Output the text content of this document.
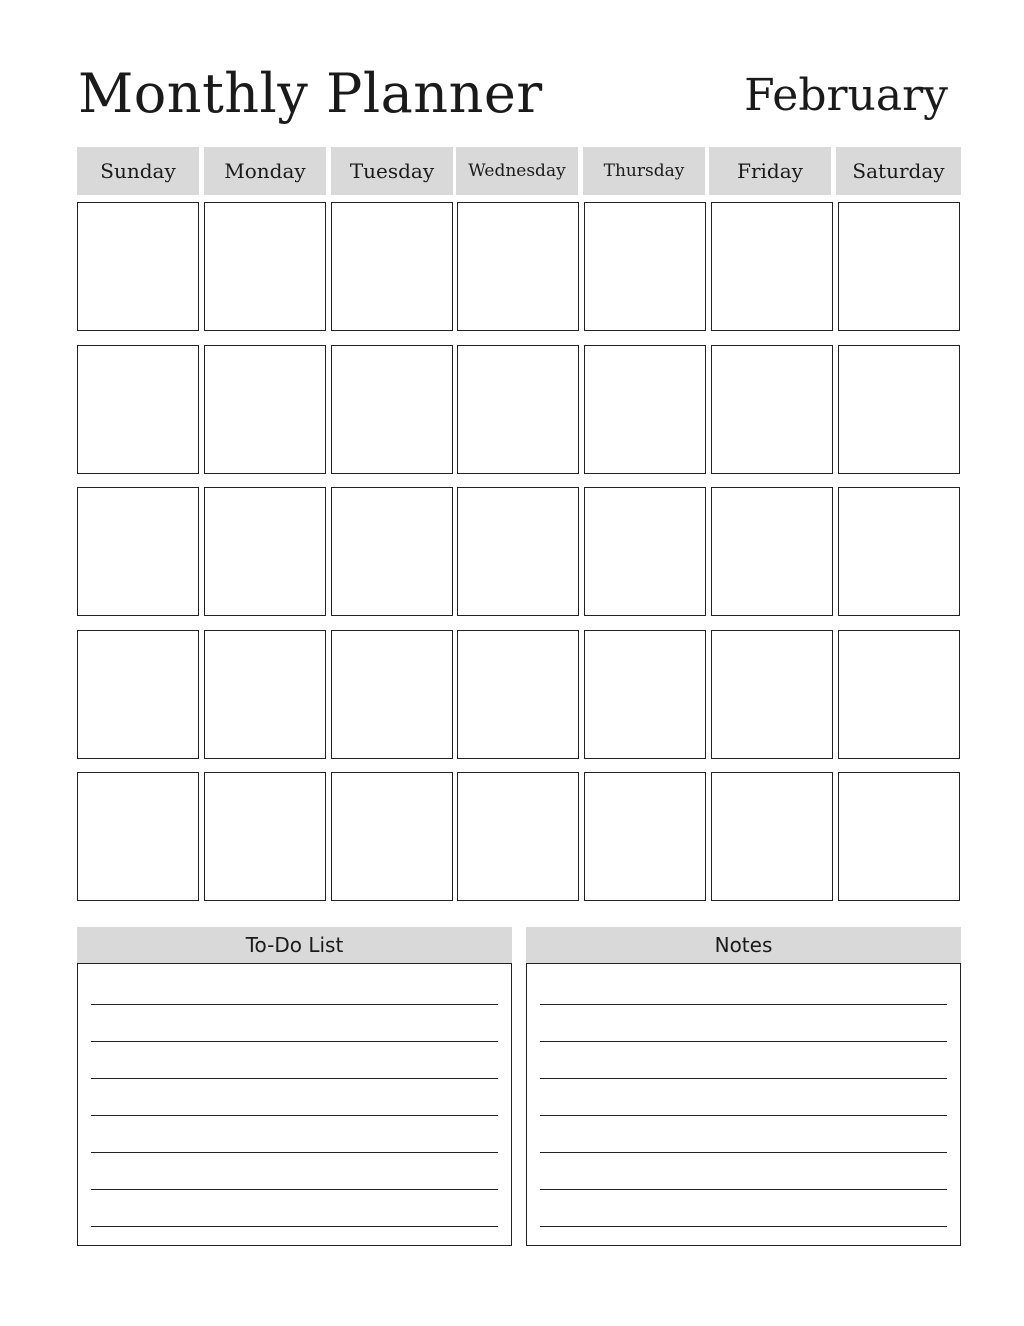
Monthly Planner	February
Sunday	Monday	Tuesday	Wednesday	Thursday	Friday	Saturday
To-Do List	Notes
